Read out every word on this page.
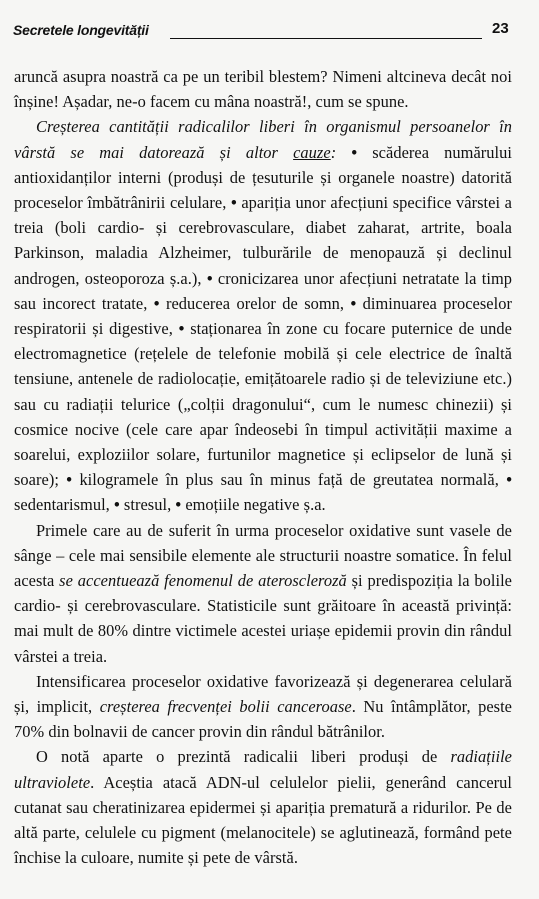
Secretele longevității	23

aruncă asupra noastră ca pe un teribil blestem? Nimeni altcineva decât noi înșine! Așadar, ne-o facem cu mâna noastră!, cum se spune.

Creșterea cantității radicalilor liberi în organismul persoanelor în vârstă se mai datorează și altor cauze: • scăderea numărului antioxidanților interni (produși de țesuturile și organele noastre) datorită proceselor îmbătrânirii celulare, • apariția unor afecțiuni specifice vârstei a treia (boli cardio- și cerebrovasculare, diabet zaharat, artrite, boala Parkinson, maladia Alzheimer, tulburările de menopauză și declinul androgen, osteoporoza ș.a.), • cronicizarea unor afecțiuni netratate la timp sau incorect tratate, • reducerea orelor de somn, • diminuarea proceselor respiratorii și digestive, • staționarea în zone cu focare puternice de unde electromagnetice (rețelele de telefonie mobilă și cele electrice de înaltă tensiune, antenele de radiolocație, emițătoarele radio și de televiziune etc.) sau cu radiații telurice („colții dragonului“, cum le numesc chinezii) și cosmice nocive (cele care apar îndeosebi în timpul activității maxime a soarelui, exploziilor solare, furtunilor magnetice și eclipselor de lună și soare); • kilogramele în plus sau în minus față de greutatea normală, • sedentarismul, • stresul, • emoțiile negative ș.a.

Primele care au de suferit în urma proceselor oxidative sunt vasele de sânge – cele mai sensibile elemente ale structurii noastre somatice. În felul acesta se accentuează fenomenul de ateroscleroză și predispoziția la bolile cardio- și cerebrovasculare. Statisticile sunt grăitoare în această privință: mai mult de 80% dintre victimele acestei uriașe epidemii provin din rândul vârstei a treia.

Intensificarea proceselor oxidative favorizează și degenerarea celulară și, implicit, creșterea frecvenței bolii canceroase. Nu întâmplător, peste 70% din bolnavii de cancer provin din rândul bătrânilor.

O notă aparte o prezintă radicalii liberi produși de radiațiile ultraviolete. Aceștia atacă ADN-ul celulelor pielii, generând cancerul cutanat sau cheratinizarea epidermei și apariția prematură a ridurilor. Pe de altă parte, celulele cu pigment (melanocitele) se aglutinează, formând pete închise la culoare, numite și pete de vârstă.
